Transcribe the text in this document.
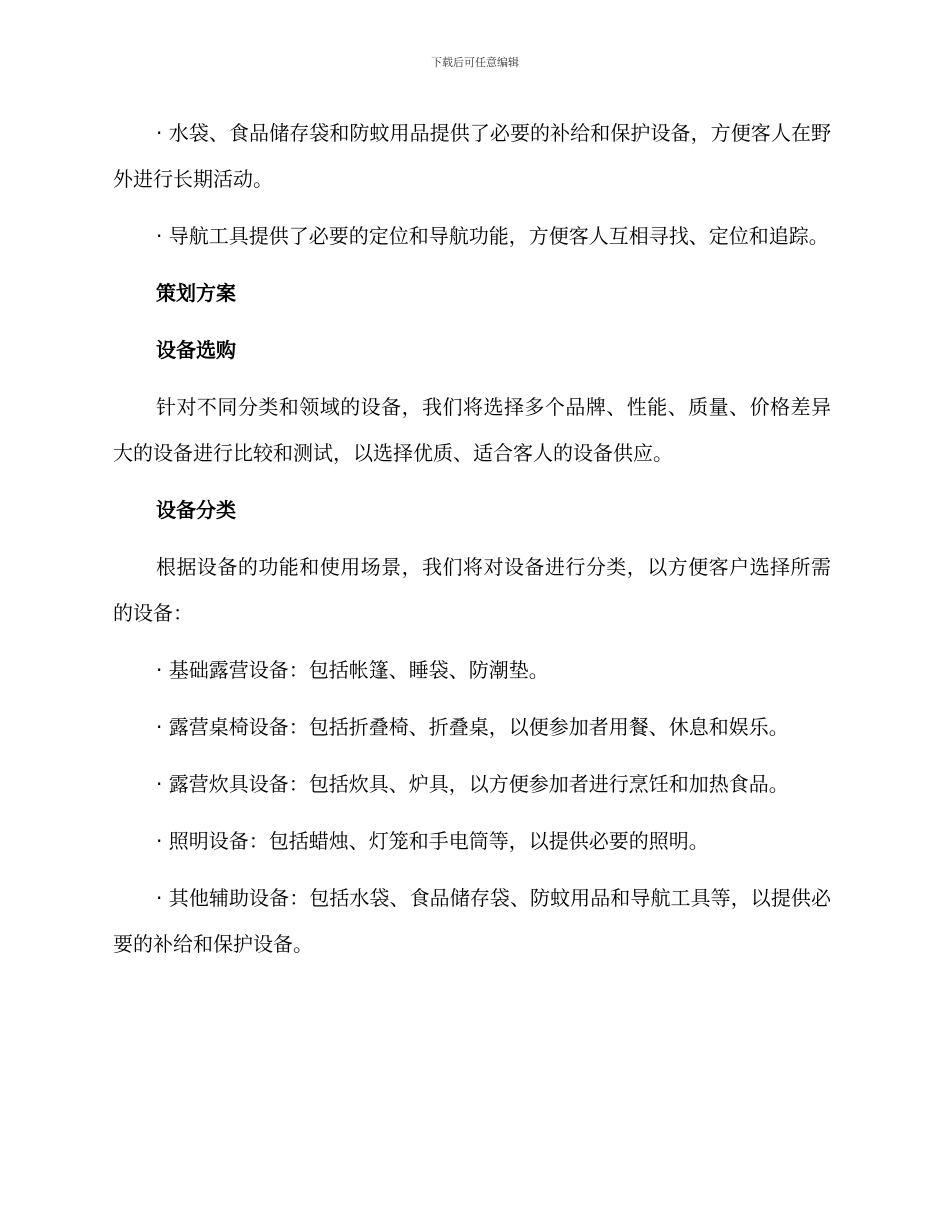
下载后可任意编辑

· 水袋、食品储存袋和防蚊用品提供了必要的补给和保护设备，方便客人在野外进行长期活动。

· 导航工具提供了必要的定位和导航功能，方便客人互相寻找、定位和追踪。

策划方案

设备选购

针对不同分类和领域的设备，我们将选择多个品牌、性能、质量、价格差异大的设备进行比较和测试，以选择优质、适合客人的设备供应。

设备分类

根据设备的功能和使用场景，我们将对设备进行分类，以方便客户选择所需的设备：

· 基础露营设备：包括帐篷、睡袋、防潮垫。

· 露营桌椅设备：包括折叠椅、折叠桌，以便参加者用餐、休息和娱乐。

· 露营炊具设备：包括炊具、炉具，以方便参加者进行烹饪和加热食品。

· 照明设备：包括蜡烛、灯笼和手电筒等，以提供必要的照明。

· 其他辅助设备：包括水袋、食品储存袋、防蚊用品和导航工具等，以提供必要的补给和保护设备。
